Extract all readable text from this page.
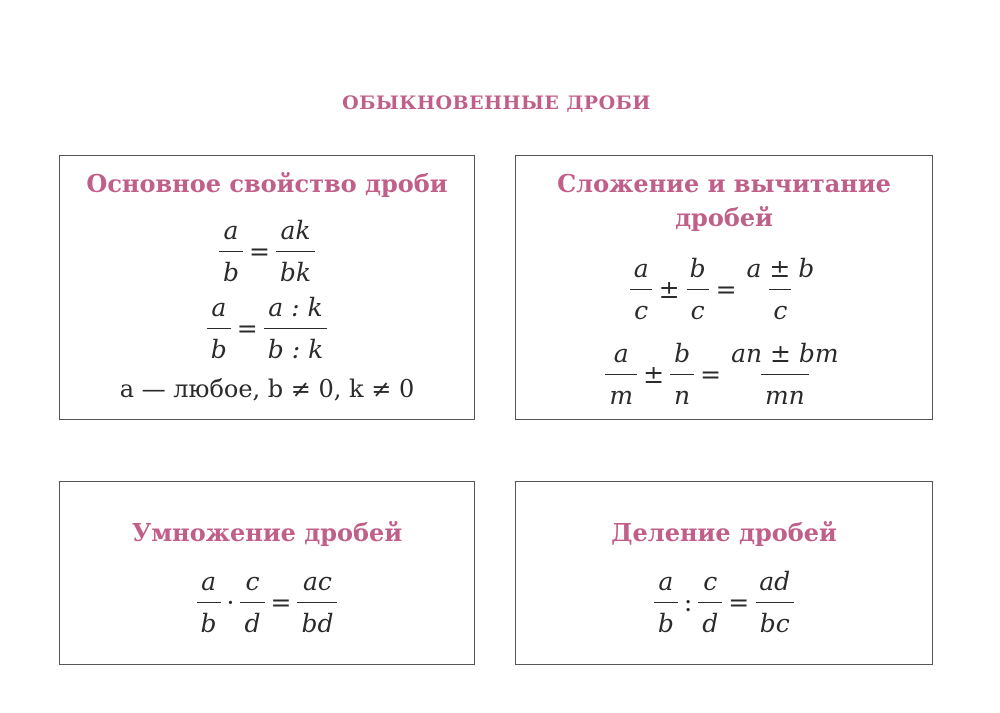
ОБЫКНОВЕННЫЕ ДРОБИ
Основное свойство дроби
$\frac{a}{b} = \frac{ak}{bk}$
$\frac{a}{b} = \frac{a : k}{b : k}$
a — любое, b ≠ 0, k ≠ 0
Сложение и вычитание
дробей
$\frac{a}{c} \pm \frac{b}{c} = \frac{a \pm b}{c}$
$\frac{a}{m} \pm \frac{b}{n} = \frac{an \pm bm}{mn}$
Умножение дробей
$\frac{a}{b} \cdot \frac{c}{d} = \frac{ac}{bd}$
Деление дробей
$\frac{a}{b}$ : $\frac{c}{d} = \frac{ad}{bc}$
